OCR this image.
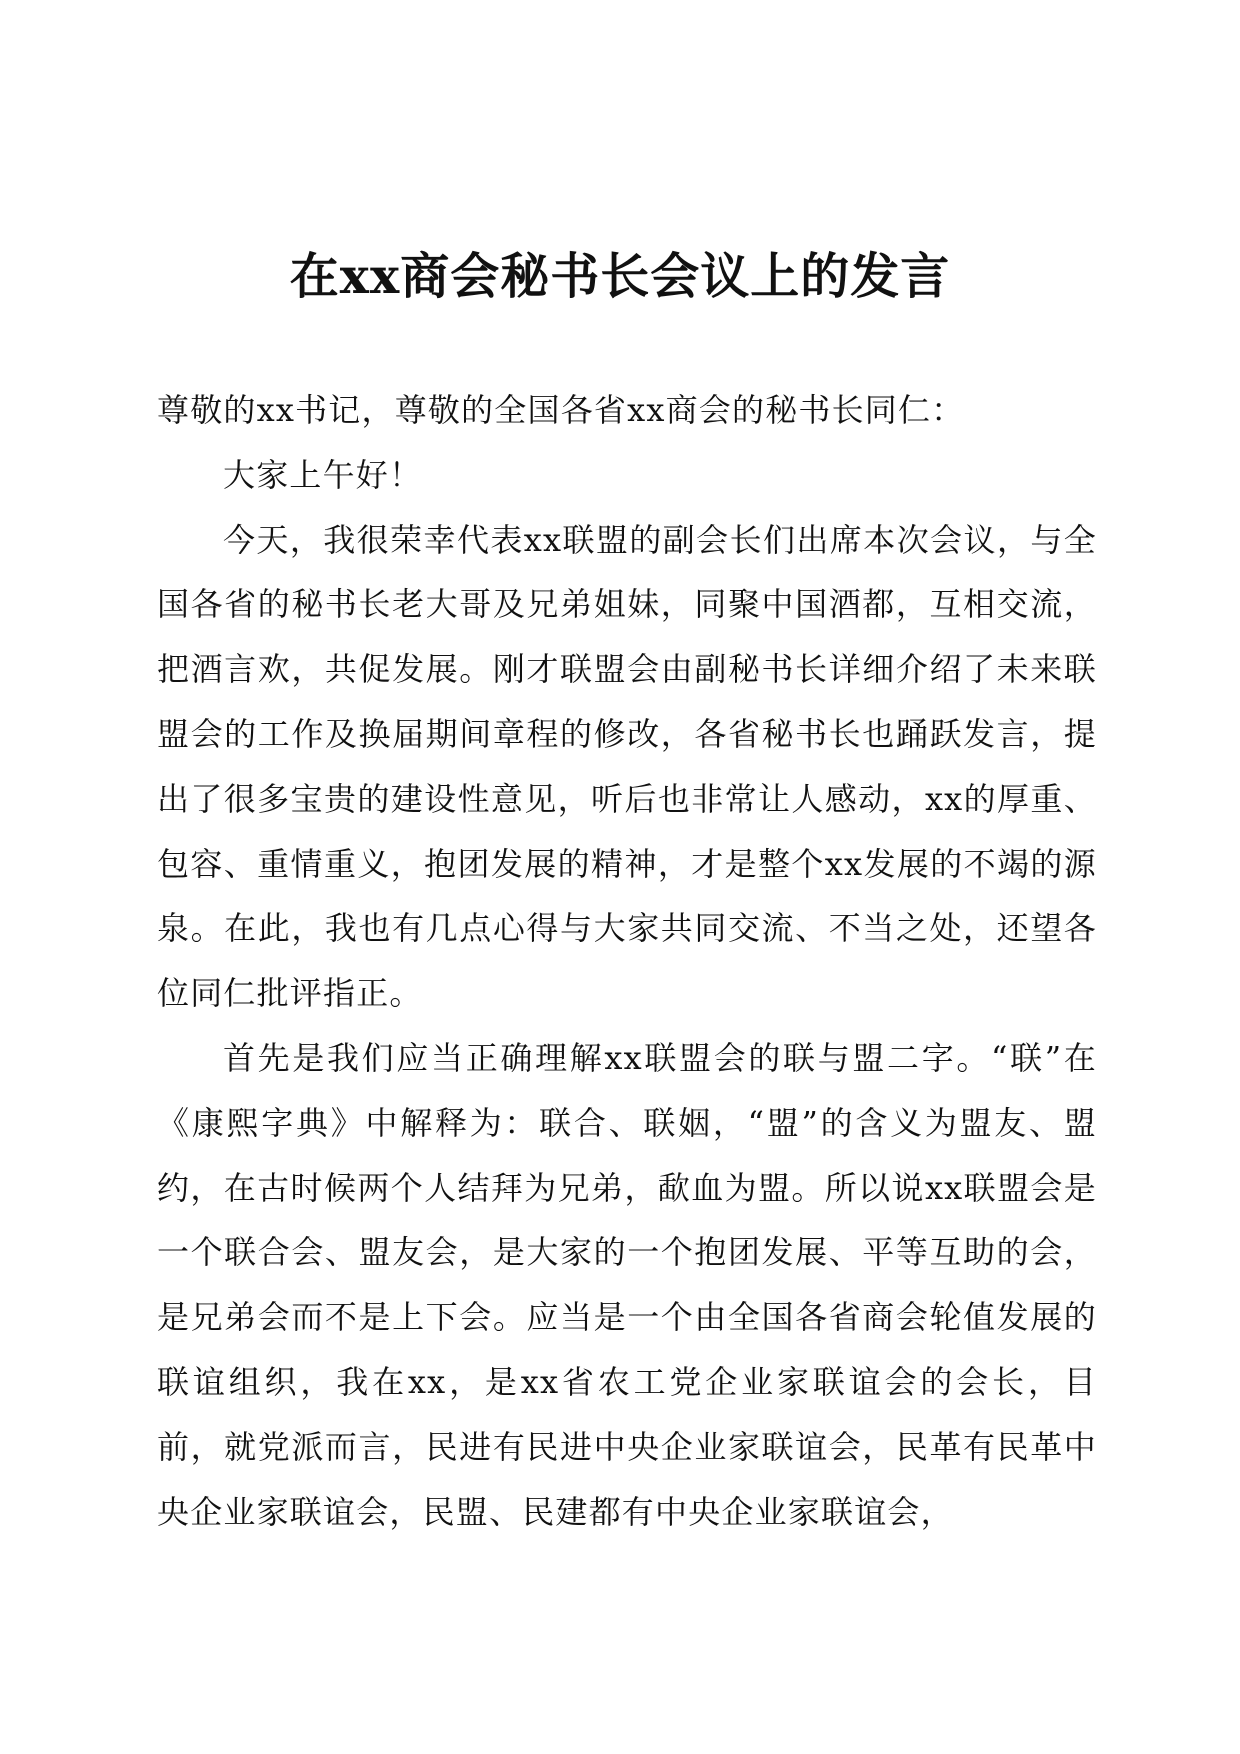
在xx商会秘书长会议上的发言

尊敬的xx书记，尊敬的全国各省xx商会的秘书长同仁：

大家上午好！

今天，我很荣幸代表xx联盟的副会长们出席本次会议，与全国各省的秘书长老大哥及兄弟姐妹，同聚中国酒都，互相交流，把酒言欢，共促发展。刚才联盟会由副秘书长详细介绍了未来联盟会的工作及换届期间章程的修改，各省秘书长也踊跃发言，提出了很多宝贵的建设性意见，听后也非常让人感动，xx的厚重、包容、重情重义，抱团发展的精神，才是整个xx发展的不竭的源泉。在此，我也有几点心得与大家共同交流、不当之处，还望各位同仁批评指正。

首先是我们应当正确理解xx联盟会的联与盟二字。“联”在《康熙字典》中解释为：联合、联姻，“盟”的含义为盟友、盟约，在古时候两个人结拜为兄弟，歃血为盟。所以说xx联盟会是一个联合会、盟友会，是大家的一个抱团发展、平等互助的会，是兄弟会而不是上下会。应当是一个由全国各省商会轮值发展的联谊组织，我在xx，是xx省农工党企业家联谊会的会长，目前，就党派而言，民进有民进中央企业家联谊会，民革有民革中央企业家联谊会，民盟、民建都有中央企业家联谊会，
